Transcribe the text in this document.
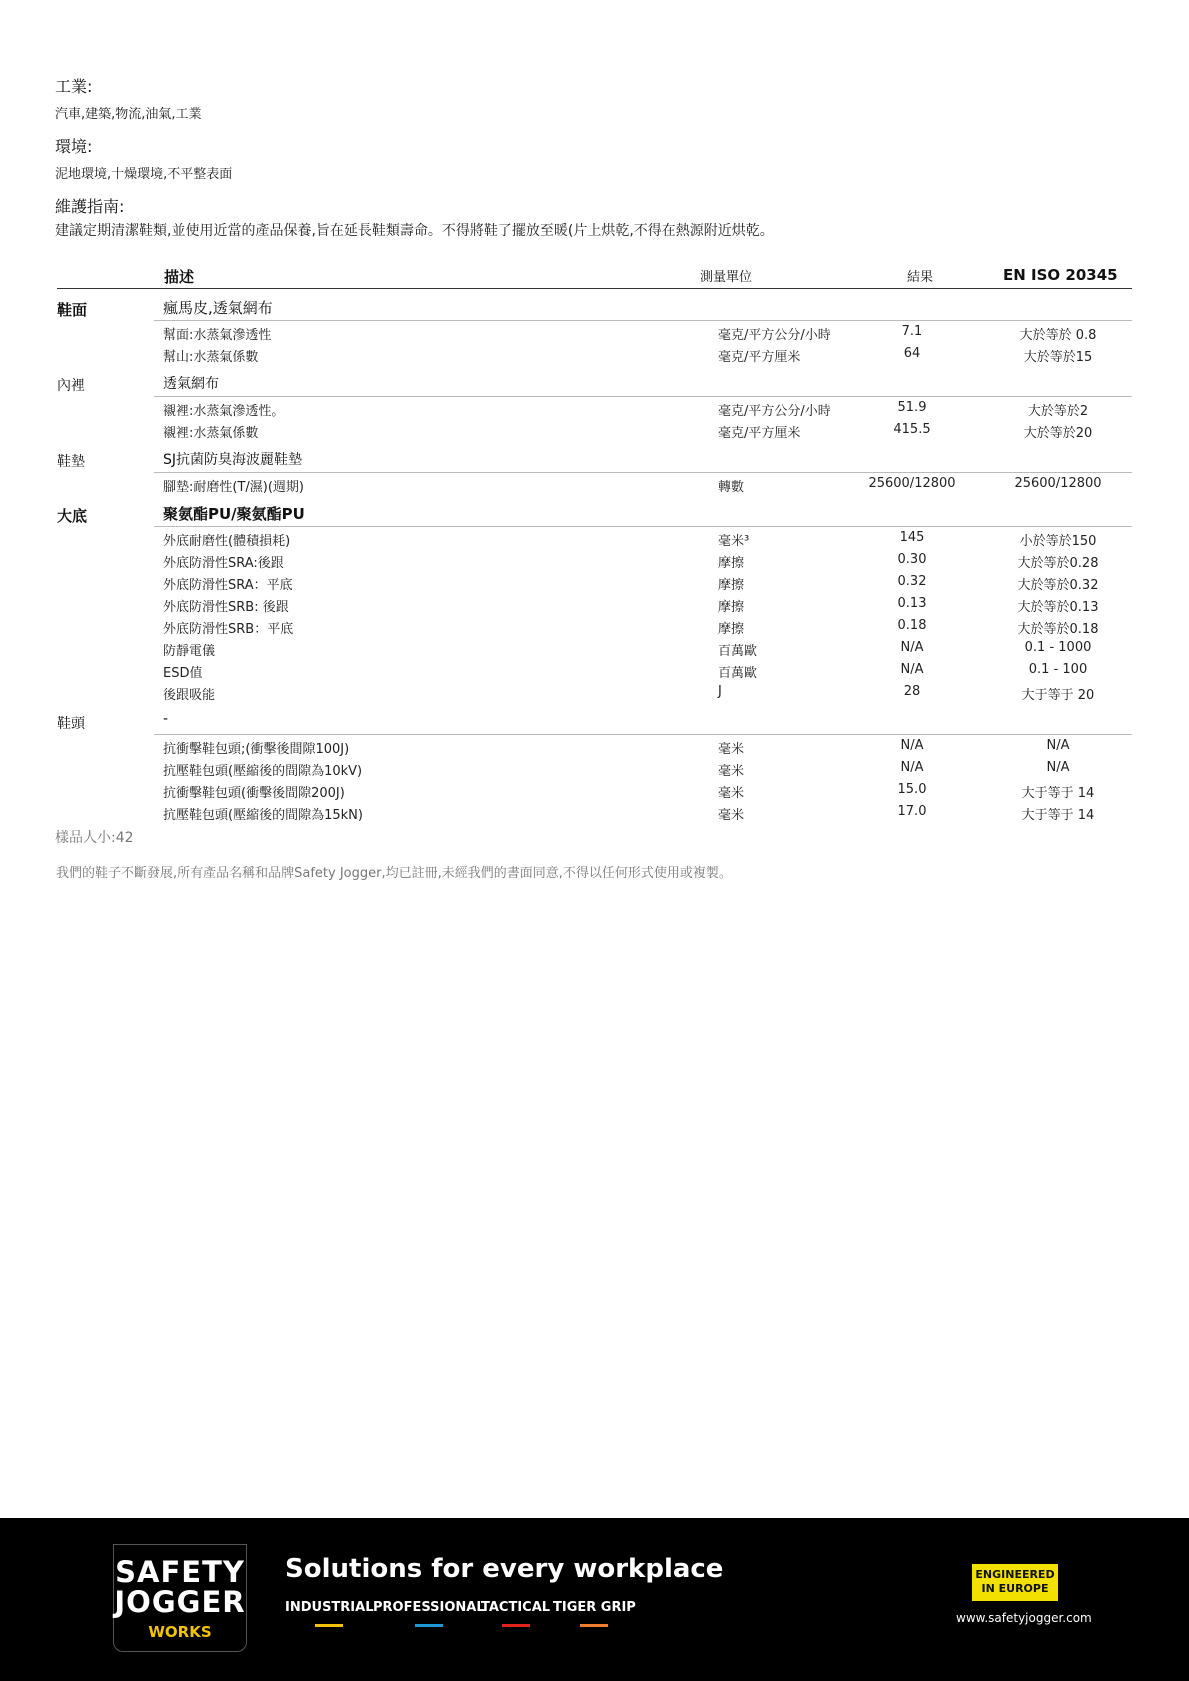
工業:
汽車,建築,物流,油氣,工業
環境:
泥地環境,十燥環境,不平整表面
維護指南:
建議定期清潔鞋類,並使用近當的產品保養,旨在延長鞋類壽命。不得將鞋了擺放至暖(片上烘乾,不得在熱源附近烘乾。
描述	測量單位	結果	EN ISO 20345
鞋面	瘋馬皮,透氣網布
幫面:水蒸氣滲透性	毫克/平方公分/小時	7.1	大於等於 0.8
幫山:水蒸氣係數	毫克/平方厘米	64	大於等於15
內裡	透氣網布
襯裡:水蒸氣滲透性。	毫克/平方公分/小時	51.9	大於等於2
襯裡:水蒸氣係數	毫克/平方厘米	415.5	大於等於20
鞋墊	SJ抗菌防臭海波麗鞋墊
腳墊:耐磨性(T/濕)(週期)	轉數	25600/12800	25600/12800
大底	聚氨酯PU/聚氨酯PU
外底耐磨性(體積損耗)	毫米³	145	小於等於150
外底防滑性SRA:後跟	摩擦	0.30	大於等於0.28
外底防滑性SRA：平底	摩擦	0.32	大於等於0.32
外底防滑性SRB: 後跟	摩擦	0.13	大於等於0.13
外底防滑性SRB：平底	摩擦	0.18	大於等於0.18
防靜電儀	百萬歐	N/A	0.1 - 1000
ESD值	百萬歐	N/A	0.1 - 100
後跟吸能	J	28	大于等于 20
鞋頭	-
抗衝擊鞋包頭;(衝擊後間隙100J)	毫米	N/A	N/A
抗壓鞋包頭(壓縮後的間隙為10kV)	毫米	N/A	N/A
抗衝擊鞋包頭(衝擊後間隙200J)	毫米	15.0	大于等于 14
抗壓鞋包頭(壓縮後的間隙為15kN)	毫米	17.0	大于等于 14
樣品人小:42
我們的鞋子不斷發展,所有產品名稱和品牌Safety Jogger,均已註冊,未經我們的書面同意,不得以任何形式使用或複製。
SAFETY
JOGGER
WORKS
Solutions for every workplace
INDUSTRIAL PROFESSIONAL
TACTICAL TIGER GRIP
ENGINEERED
IN EUROPE
www.safetyjogger.com
